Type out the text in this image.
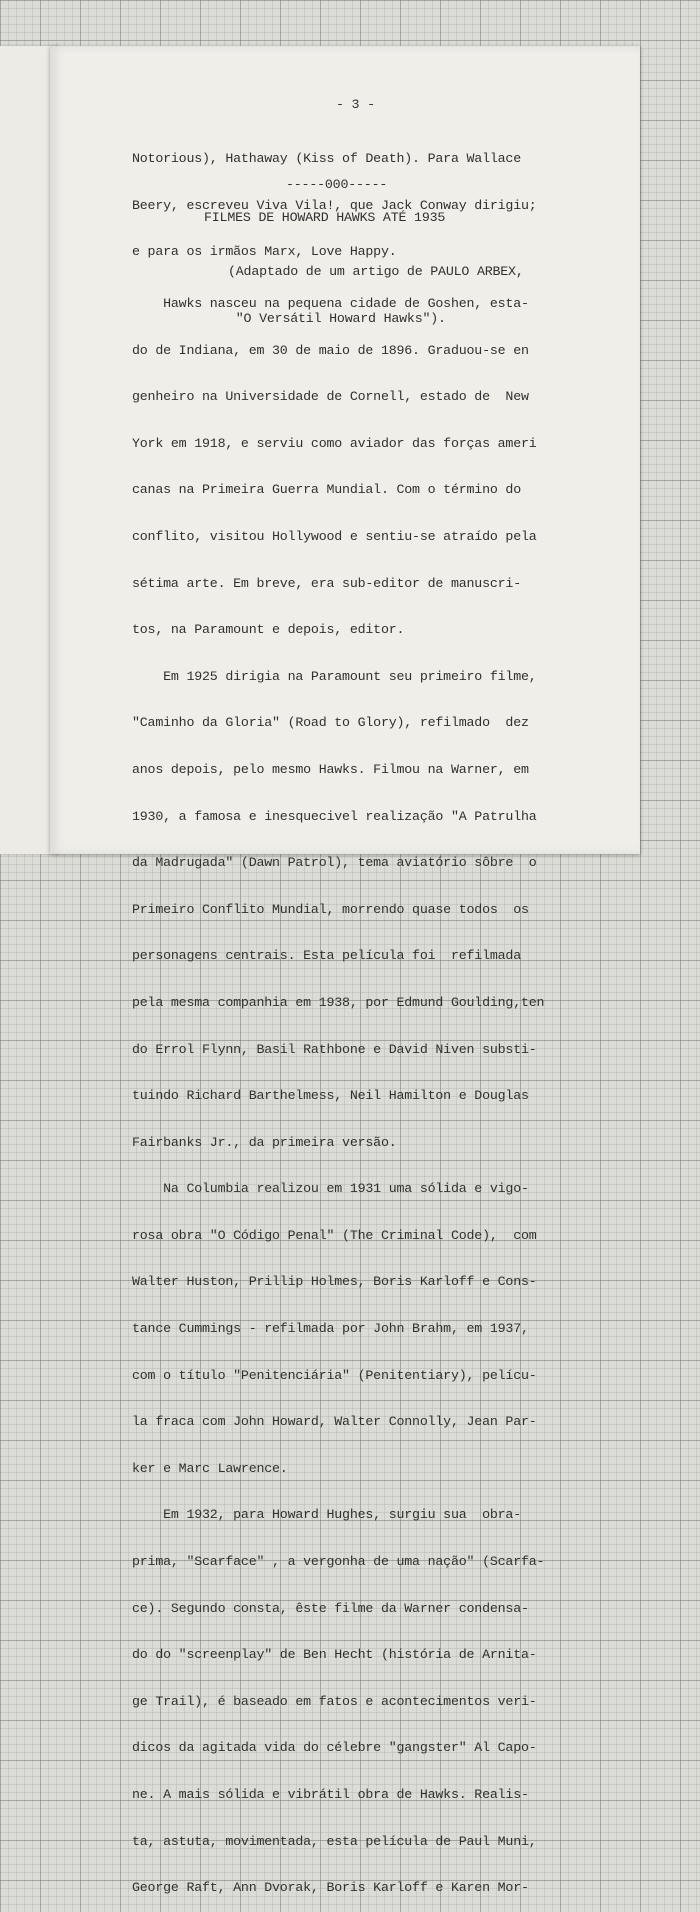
- 3 -

Notorious), Hathaway (Kiss of Death). Para Wallace

Beery, escreveu Viva Vila!, que Jack Conway dirigiu;

e para os irmãos Marx, Love Happy.

-----000-----
FILMES DE HOWARD HAWKS ATÉ 1935

(Adaptado de um artigo de PAULO ARBEX,

"O Versátil Howard Hawks").

Hawks nasceu na pequena cidade de Goshen, esta-

do de Indiana, em 30 de maio de 1896. Graduou-se en

genheiro na Universidade de Cornell, estado de  New

York em 1918, e serviu como aviador das forças ameri

canas na Primeira Guerra Mundial. Com o término do

conflito, visitou Hollywood e sentiu-se atraído pela

sétima arte. Em breve, era sub-editor de manuscri-

tos, na Paramount e depois, editor.

Em 1925 dirigia na Paramount seu primeiro filme,

"Caminho da Gloria" (Road to Glory), refilmado  dez

anos depois, pelo mesmo Hawks. Filmou na Warner, em

1930, a famosa e inesquecivel realização "A Patrulha

da Madrugada" (Dawn Patrol), tema aviatório sôbre  o

Primeiro Conflito Mundial, morrendo quase todos  os

personagens centrais. Esta película foi  refilmada

pela mesma companhia em 1938, por Edmund Goulding,ten

do Errol Flynn, Basil Rathbone e David Niven substi-

tuindo Richard Barthelmess, Neil Hamilton e Douglas

Fairbanks Jr., da primeira versão.

Na Columbia realizou em 1931 uma sólida e vigo-

rosa obra "O Código Penal" (The Criminal Code),  com

Walter Huston, Prillip Holmes, Boris Karloff e Cons-

tance Cummings - refilmada por John Brahm, em 1937,

com o título "Penitenciária" (Penitentiary), pelícu-

la fraca com John Howard, Walter Connolly, Jean Par-

ker e Marc Lawrence.

Em 1932, para Howard Hughes, surgiu sua  obra-

prima, "Scarface" , a vergonha de uma nação" (Scarfa-

ce). Segundo consta, êste filme da Warner condensa-

do do "screenplay" de Ben Hecht (história de Arnita-

ge Trail), é baseado em fatos e acontecimentos veri-

dicos da agitada vida do célebre "gangster" Al Capo-

ne. A mais sólida e vibrátil obra de Hawks. Realis-

ta, astuta, movimentada, esta película de Paul Muni,

George Raft, Ann Dvorak, Boris Karloff e Karen Mor-
